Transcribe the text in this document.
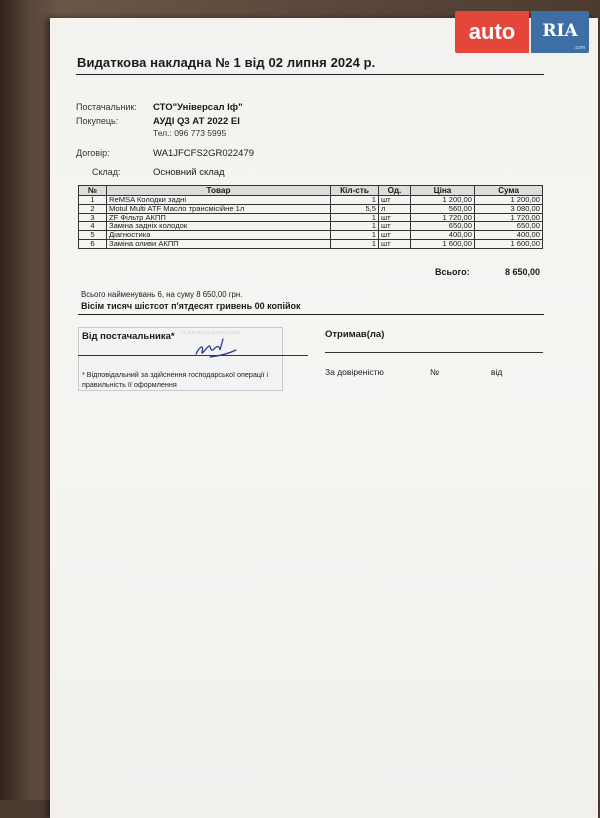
Видаткова накладна № 1 від 02 липня 2024 р.
Постачальник: СТО"Універсал Іф"
Покупець:	АУДІ Q3 АТ 2022 ЕІ
Тел.: 096 773 5995
Договір:	WA1JFCFS2GR022479
Склад:	Основний склад
№	Товар	Кіл-сть	Од.	Ціна	Сума
1	ReMSA Колодки задні	1	шт	1 200,00	1 200,00
2	Motul Multi ATF Масло трансмісійне 1л	5,5	л	560,00	3 080,00
3	ZF Фільтр АКПП	1	шт	1 720,00	1 720,00
4	Заміна задніх колодок	1	шт	650,00	650,00
5	Діагностика	1	шт	400,00	400,00
6	Заміна оливи АКПП	1	шт	1 600,00	1 600,00
Всього:	8 650,00
Всього найменувань 6, на суму 8 650,00 грн.
Вісім тисяч шістсот п'ятдесят гривень 00 копійок
▭ ▭▭▭▭ ▭▭▭▭▭
Від постачальника*
* Відповідальний за здійснення господарської операції і правильність її оформлення
Отримав(ла)
За довіреністю	№	від
auto	RIA
.com
